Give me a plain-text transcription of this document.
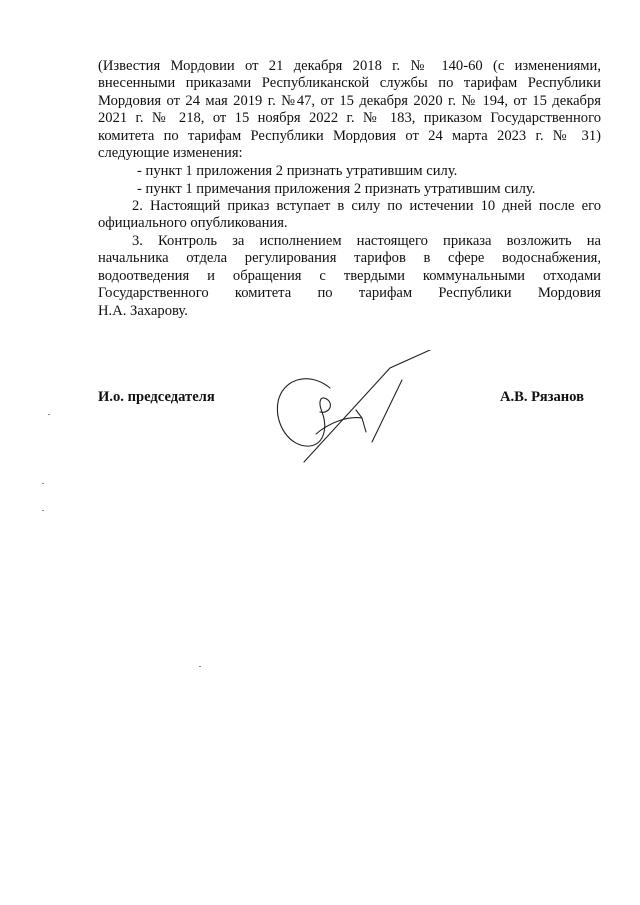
(Известия Мордовии от 21 декабря 2018 г. № 140-60 (с изменениями,
внесенными приказами Республиканской службы по тарифам Республики
Мордовия от 24 мая 2019 г. №47, от 15 декабря 2020 г. № 194, от 15 декабря
2021 г. № 218, от 15 ноября 2022 г. № 183, приказом Государственного
комитета по тарифам Республики Мордовия от 24 марта 2023 г. № 31)
следующие изменения:
- пункт 1 приложения 2 признать утратившим силу.
- пункт 1 примечания приложения 2 признать утратившим силу.
2. Настоящий приказ вступает в силу по истечении 10 дней после его
официального опубликования.
3. Контроль за исполнением настоящего приказа возложить на
начальника отдела регулирования тарифов в сфере водоснабжения,
водоотведения и обращения с твердыми коммунальными отходами
Государственного комитета по тарифам Республики Мордовия
Н.А. Захарову.
И.о. председателя	А.В. Рязанов
